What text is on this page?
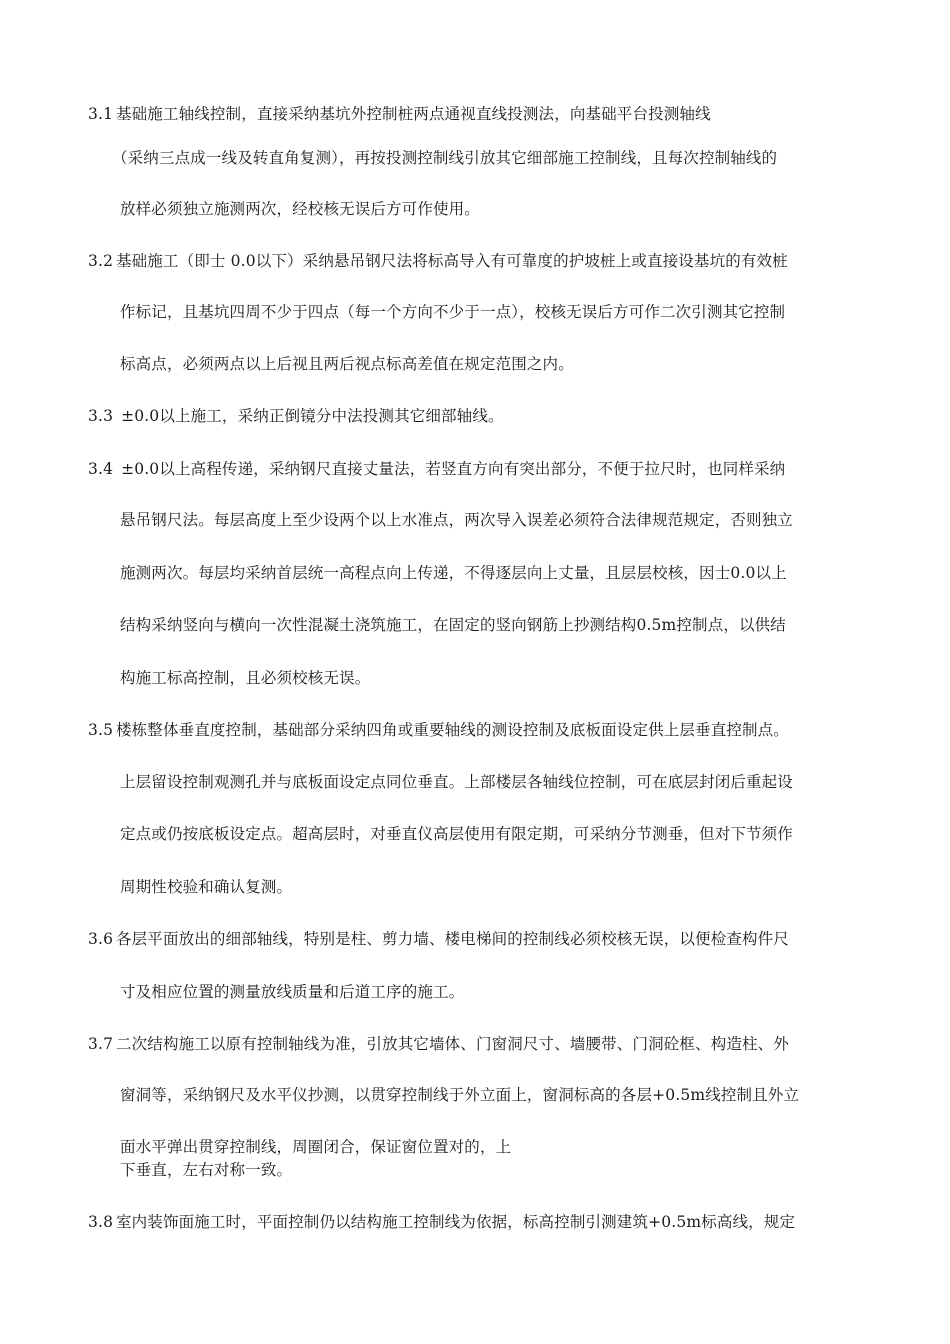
3.1 基础施工轴线控制，直接采纳基坑外控制桩两点通视直线投测法，向基础平台投测轴线
（采纳三点成一线及转直角复测），再按投测控制线引放其它细部施工控制线，且每次控制轴线的
放样必须独立施测两次，经校核无误后方可作使用。
3.2 基础施工（即士 0.0以下）采纳悬吊钢尺法将标高导入有可靠度的护坡桩上或直接设基坑的有效桩
作标记，且基坑四周不少于四点（每一个方向不少于一点），校核无误后方可作二次引测其它控制
标高点，必须两点以上后视且两后视点标高差值在规定范围之内。
3.3 ±0.0以上施工，采纳正倒镜分中法投测其它细部轴线。
3.4 ±0.0以上高程传递，采纳钢尺直接丈量法，若竖直方向有突出部分，不便于拉尺时，也同样采纳
悬吊钢尺法。每层高度上至少设两个以上水准点，两次导入误差必须符合法律规范规定，否则独立
施测两次。每层均采纳首层统一高程点向上传递，不得逐层向上丈量，且层层校核，因士0.0以上
结构采纳竖向与横向一次性混凝土浇筑施工，在固定的竖向钢筋上抄测结构0.5m控制点，以供结
构施工标高控制，且必须校核无误。
3.5 楼栋整体垂直度控制，基础部分采纳四角或重要轴线的测设控制及底板面设定供上层垂直控制点。
上层留设控制观测孔并与底板面设定点同位垂直。上部楼层各轴线位控制，可在底层封闭后重起设
定点或仍按底板设定点。超高层时，对垂直仪高层使用有限定期，可采纳分节测垂，但对下节须作
周期性校验和确认复测。
3.6 各层平面放出的细部轴线，特别是柱、剪力墙、楼电梯间的控制线必须校核无误，以便检查构件尺
寸及相应位置的测量放线质量和后道工序的施工。
3.7 二次结构施工以原有控制轴线为准，引放其它墙体、门窗洞尺寸、墙腰带、门洞砼框、构造柱、外
窗洞等，采纳钢尺及水平仪抄测，以贯穿控制线于外立面上，窗洞标高的各层+0.5m线控制且外立
面水平弹出贯穿控制线，周圈闭合，保证窗位置对的，上
下垂直，左右对称一致。
3.8 室内装饰面施工时，平面控制仍以结构施工控制线为依据，标高控制引测建筑+0.5m标高线，规定
